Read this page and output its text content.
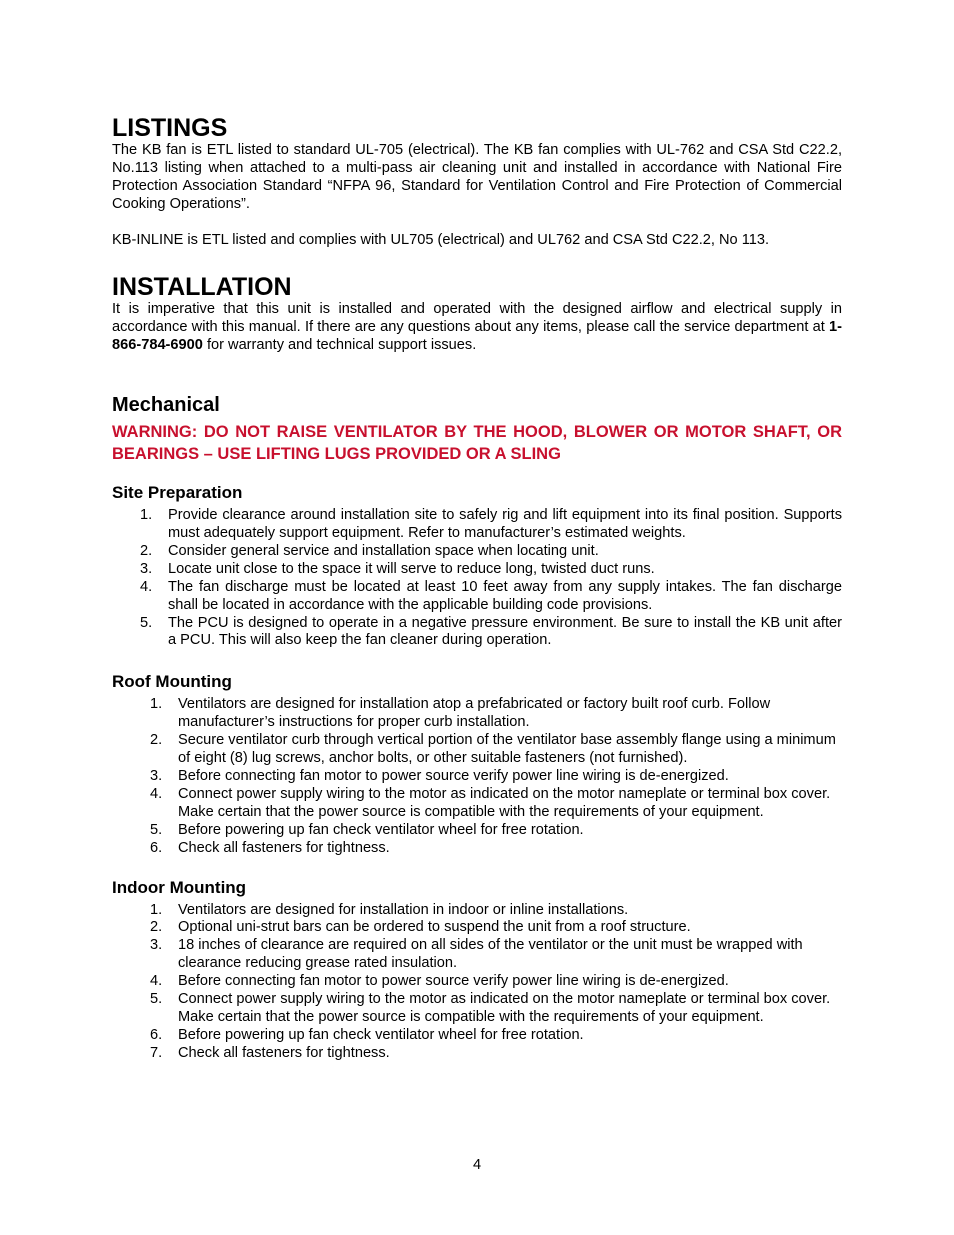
LISTINGS

The KB fan is ETL listed to standard UL-705 (electrical). The KB fan complies with UL-762 and CSA Std C22.2, No.113 listing when attached to a multi-pass air cleaning unit and installed in accordance with National Fire Protection Association Standard “NFPA 96, Standard for Ventilation Control and Fire Protection of Commercial Cooking Operations”.

KB-INLINE is ETL listed and complies with UL705 (electrical) and UL762 and CSA Std C22.2, No 113.

INSTALLATION

It is imperative that this unit is installed and operated with the designed airflow and electrical supply in accordance with this manual. If there are any questions about any items, please call the service department at 1-866-784-6900 for warranty and technical support issues.

Mechanical

WARNING: DO NOT RAISE VENTILATOR BY THE HOOD, BLOWER OR MOTOR SHAFT, OR BEARINGS – USE LIFTING LUGS PROVIDED OR A SLING

Site Preparation
1. Provide clearance around installation site to safely rig and lift equipment into its final position. Supports must adequately support equipment. Refer to manufacturer’s estimated weights.
2. Consider general service and installation space when locating unit.
3. Locate unit close to the space it will serve to reduce long, twisted duct runs.
4. The fan discharge must be located at least 10 feet away from any supply intakes. The fan discharge shall be located in accordance with the applicable building code provisions.
5. The PCU is designed to operate in a negative pressure environment. Be sure to install the KB unit after a PCU. This will also keep the fan cleaner during operation.
Roof Mounting
1. Ventilators are designed for installation atop a prefabricated or factory built roof curb. Follow manufacturer’s instructions for proper curb installation.
2. Secure ventilator curb through vertical portion of the ventilator base assembly flange using a minimum of eight (8) lug screws, anchor bolts, or other suitable fasteners (not furnished).
3. Before connecting fan motor to power source verify power line wiring is de-energized.
4. Connect power supply wiring to the motor as indicated on the motor nameplate or terminal box cover. Make certain that the power source is compatible with the requirements of your equipment.
5. Before powering up fan check ventilator wheel for free rotation.
6. Check all fasteners for tightness.
Indoor Mounting
1. Ventilators are designed for installation in indoor or inline installations.
2. Optional uni-strut bars can be ordered to suspend the unit from a roof structure.
3. 18 inches of clearance are required on all sides of the ventilator or the unit must be wrapped with clearance reducing grease rated insulation.
4. Before connecting fan motor to power source verify power line wiring is de-energized.
5. Connect power supply wiring to the motor as indicated on the motor nameplate or terminal box cover. Make certain that the power source is compatible with the requirements of your equipment.
6. Before powering up fan check ventilator wheel for free rotation.
7. Check all fasteners for tightness.
4
